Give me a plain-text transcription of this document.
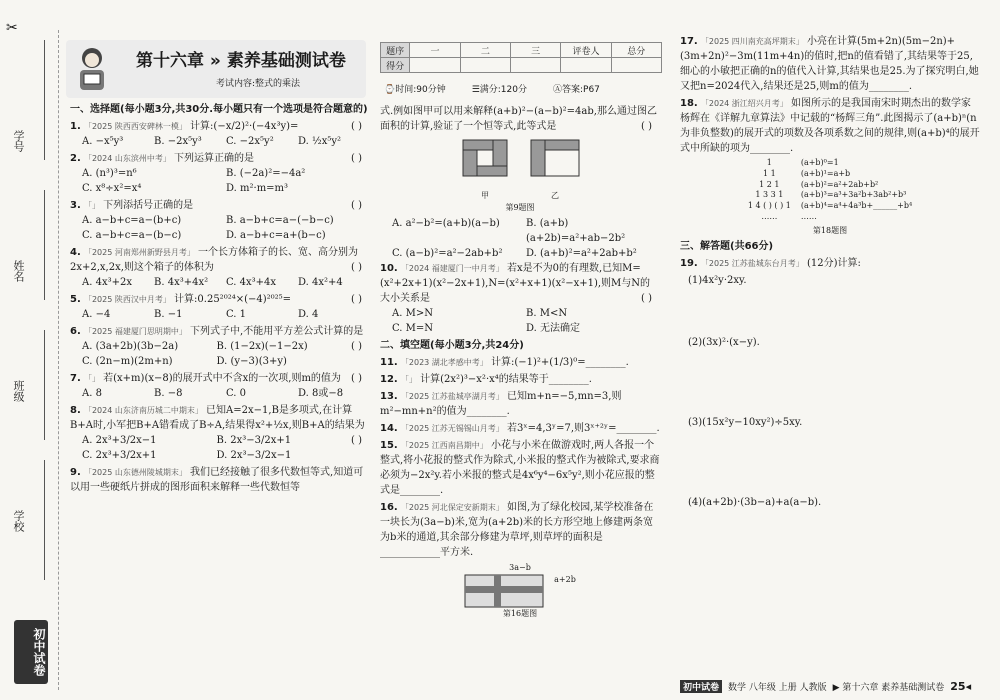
✂
学号
姓名
班级
学校
初中试卷
第十六章 » 素养基础测试卷
考试内容:整式的乘法
题序	一	二	三	评卷人	总分
得分					
⌚时间:90分钟	☰满分:120分	Ⓐ答案:P67
一、选择题(每小题3分,共30分.每小题只有一个选项是符合题意的)
1. 「2025 陕西西安碑林一模」 计算:(−x/2)²·(−4x³y)=	( )
A. −x⁵y³	B. −2x⁵y³	C. −2x⁵y²	D. ½x⁵y²
2. 「2024 山东滨州中考」 下列运算正确的是	( )
A. (n³)³=n⁶	B. (−2a)²=−4a²
C. x⁸÷x²=x⁴	D. m²·m=m³
3. 「」 下列添括号正确的是	( )
A. a−b+c=a−(b+c)	B. a−b+c=a−(−b−c)
C. a−b+c=a−(b−c)	D. a−b+c=a+(b−c)
4. 「2025 河南郑州新野县月考」 一个长方体箱子的长、宽、高分别为2x+2,x,2x,则这个箱子的体积为	( )
A. 4x³+2x	B. 4x³+4x²	C. 4x³+4x	D. 4x²+4
5. 「2025 陕西汉中月考」 计算:0.25²⁰²⁴×(−4)²⁰²⁵=	( )
A. −4	B. −1	C. 1	D. 4
6. 「2025 福建厦门思明期中」 下列式子中,不能用平方差公式计算的是
( )
A. (3a+2b)(3b−2a)	B. (1−2x)(−1−2x)
C. (2n−m)(2m+n)	D. (y−3)(3+y)
7. 「」 若(x+m)(x−8)的展开式中不含x的一次项,则m的值为 ( )
A. 8	B. −8	C. 0	D. 8或−8
8. 「2024 山东济南历城二中期末」 已知A=2x−1,B是多项式,在计算B+A时,小军把B+A错看成了B÷A,结果得x²+½x,则B+A的结果为
( )
A. 2x³+3/2x−1	B. 2x³−3/2x+1
C. 2x³+3/2x+1	D. 2x³−3/2x−1
9. 「2025 山东德州陵城期末」 我们已经接触了很多代数恒等式,知道可以用一些硬纸片拼成的图形面积来解释一些代数恒等
式.例如图甲可以用来解释(a+b)²−(a−b)²=4ab,那么通过图乙面积的计算,验证了一个恒等式,此等式是	( )
甲	乙
第9题图
A. a²−b²=(a+b)(a−b)	B. (a+b)(a+2b)=a²+ab−2b²
C. (a−b)²=a²−2ab+b²	D. (a+b)²=a²+2ab+b²
10. 「2024 福建厦门一中月考」 若x是不为0的有理数,已知M=(x²+2x+1)(x²−2x+1),N=(x²+x+1)(x²−x+1),则M与N的大小关系是	( )
A. M>N	B. M<N
C. M=N	D. 无法确定
二、填空题(每小题3分,共24分)
11. 「2023 湖北孝感中考」 计算:(−1)²+(1/3)⁰=________.
12. 「」 计算(2x²)³−x²·x⁴的结果等于________.
13. 「2025 江苏盐城亭湖月考」 已知m+n=−5,mn=3,则m²−mn+n²的值为________.
14. 「2025 江苏无锡锡山月考」 若3ˣ=4,3ʸ=7,则3ˣ⁺²ʸ=________.
15. 「2025 江西南昌期中」 小花与小米在做游戏时,两人各报一个整式,将小花报的整式作为除式,小米报的整式作为被除式,要求商必须为−2x²y.若小米报的整式是4x⁶y⁴−6x⁵y²,则小花应报的整式是________.
16. 「2025 河北保定安新期末」 如图,为了绿化校园,某学校准备在一块长为(3a−b)米,宽为(a+2b)米的长方形空地上修建两条宽为b米的通道,其余部分修建为草坪,则草坪的面积是____________平方米.
3a−b
a+2b
第16题图
17. 「2025 四川南充高坪期末」 小亮在计算(5m+2n)(5m−2n)+(3m+2n)²−3m(11m+4n)的值时,把n的值看错了,其结果等于25,细心的小敏把正确的n的值代入计算,其结果也是25.为了探究明白,她又把n=2024代入,结果还是25,则m的值为________.
18. 「2024 浙江绍兴月考」 如图所示的是我国南宋时期杰出的数学家杨辉在《详解九章算法》中记载的“杨辉三角”.此图揭示了(a+b)ⁿ(n为非负整数)的展开式的项数及各项系数之间的规律,则(a+b)⁴的展开式中所缺的项为________.
1
1 1
1 2 1
1 3 3 1
1 4 ( ) ( ) 1
……
(a+b)⁰=1
(a+b)¹=a+b
(a+b)²=a²+2ab+b²
(a+b)³=a³+3a²b+3ab²+b³
(a+b)⁴=a⁴+4a³b+______+b⁴
……
第18题图
三、解答题(共66分)
19. 「2025 江苏盐城东台月考」 (12分)计算:
(1)4x²y·2xy.
(2)(3x)²·(x−y).
(3)(15x²y−10xy²)÷5xy.
(4)(a+2b)·(3b−a)+a(a−b).
初中试卷	数学 八年级 上册 人教版 ▶ 第十六章 素养基础测试卷 25◂
